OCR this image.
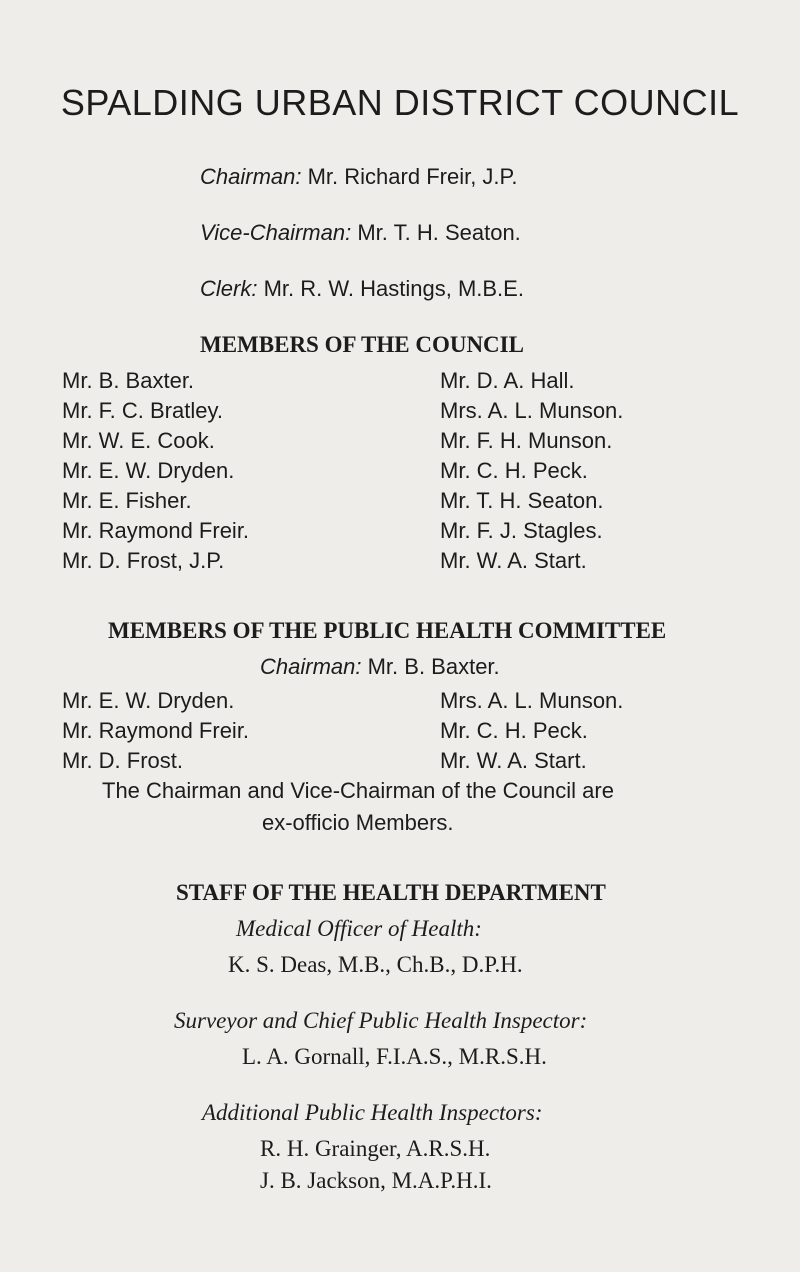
SPALDING URBAN DISTRICT COUNCIL
Chairman: Mr. Richard Freir, J.P.
Vice-Chairman: Mr. T. H. Seaton.
Clerk: Mr. R. W. Hastings, M.B.E.
MEMBERS OF THE COUNCIL
Mr. B. Baxter.
Mr. F. C. Bratley.
Mr. W. E. Cook.
Mr. E. W. Dryden.
Mr. E. Fisher.
Mr. Raymond Freir.
Mr. D. Frost, J.P.
Mr. D. A. Hall.
Mrs. A. L. Munson.
Mr. F. H. Munson.
Mr. C. H. Peck.
Mr. T. H. Seaton.
Mr. F. J. Stagles.
Mr. W. A. Start.
MEMBERS OF THE PUBLIC HEALTH COMMITTEE
Chairman: Mr. B. Baxter.
Mr. E. W. Dryden.
Mr. Raymond Freir.
Mr. D. Frost.
Mrs. A. L. Munson.
Mr. C. H. Peck.
Mr. W. A. Start.
The Chairman and Vice-Chairman of the Council are
ex-officio Members.
STAFF OF THE HEALTH DEPARTMENT
Medical Officer of Health:
K. S. Deas, M.B., Ch.B., D.P.H.
Surveyor and Chief Public Health Inspector:
L. A. Gornall, F.I.A.S., M.R.S.H.
Additional Public Health Inspectors:
R. H. Grainger, A.R.S.H.
J. B. Jackson, M.A.P.H.I.
